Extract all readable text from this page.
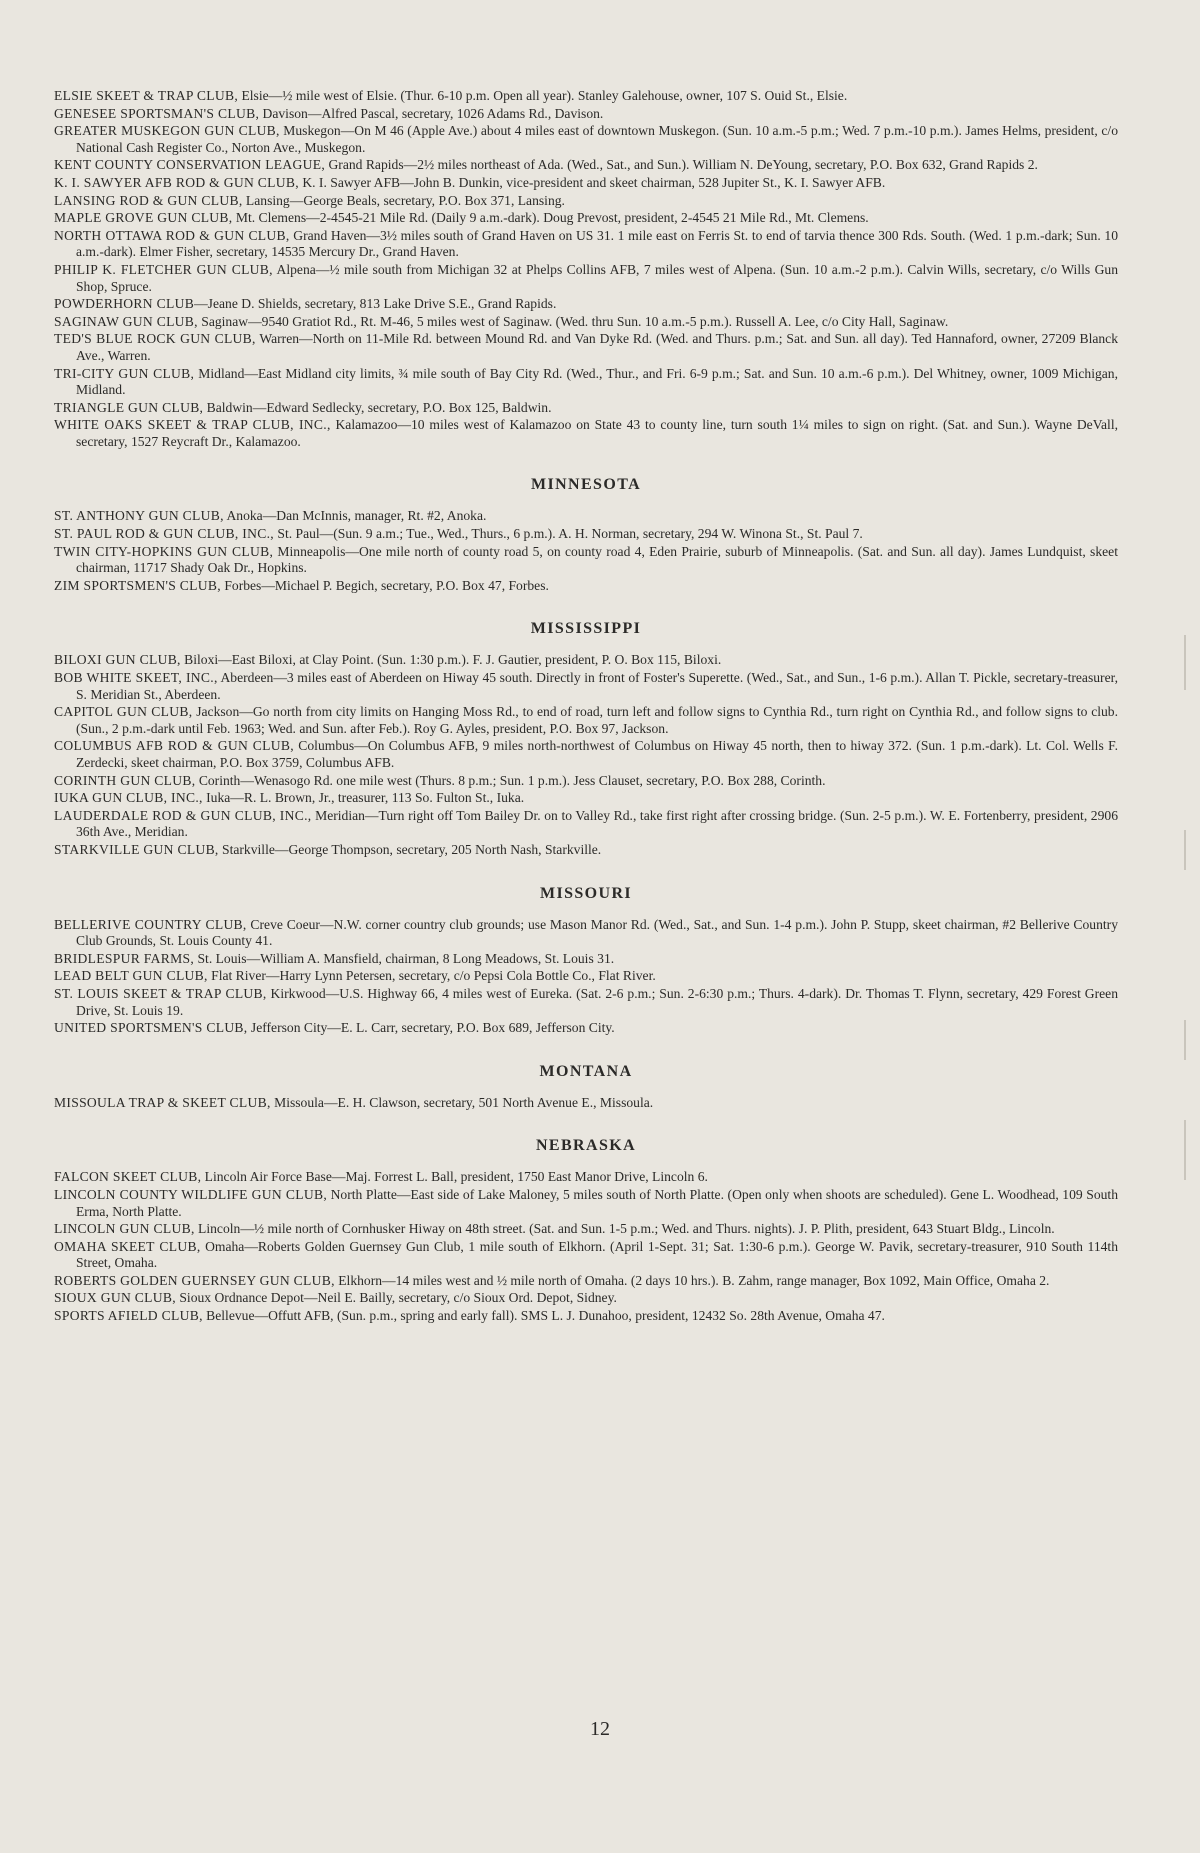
ELSIE SKEET & TRAP CLUB, Elsie—½ mile west of Elsie. (Thur. 6-10 p.m. Open all year). Stanley Galehouse, owner, 107 S. Ouid St., Elsie.

GENESEE SPORTSMAN'S CLUB, Davison—Alfred Pascal, secretary, 1026 Adams Rd., Davison.

GREATER MUSKEGON GUN CLUB, Muskegon—On M 46 (Apple Ave.) about 4 miles east of downtown Muskegon. (Sun. 10 a.m.-5 p.m.; Wed. 7 p.m.-10 p.m.). James Helms, president, c/o National Cash Register Co., Norton Ave., Muskegon.

KENT COUNTY CONSERVATION LEAGUE, Grand Rapids—2½ miles northeast of Ada. (Wed., Sat., and Sun.). William N. DeYoung, secretary, P.O. Box 632, Grand Rapids 2.

K. I. SAWYER AFB ROD & GUN CLUB, K. I. Sawyer AFB—John B. Dunkin, vice-president and skeet chairman, 528 Jupiter St., K. I. Sawyer AFB.

LANSING ROD & GUN CLUB, Lansing—George Beals, secretary, P.O. Box 371, Lansing.

MAPLE GROVE GUN CLUB, Mt. Clemens—2-4545-21 Mile Rd. (Daily 9 a.m.-dark). Doug Prevost, president, 2-4545 21 Mile Rd., Mt. Clemens.

NORTH OTTAWA ROD & GUN CLUB, Grand Haven—3½ miles south of Grand Haven on US 31. 1 mile east on Ferris St. to end of tarvia thence 300 Rds. South. (Wed. 1 p.m.-dark; Sun. 10 a.m.-dark). Elmer Fisher, secretary, 14535 Mercury Dr., Grand Haven.

PHILIP K. FLETCHER GUN CLUB, Alpena—½ mile south from Michigan 32 at Phelps Collins AFB, 7 miles west of Alpena. (Sun. 10 a.m.-2 p.m.). Calvin Wills, secretary, c/o Wills Gun Shop, Spruce.

POWDERHORN CLUB—Jeane D. Shields, secretary, 813 Lake Drive S.E., Grand Rapids.

SAGINAW GUN CLUB, Saginaw—9540 Gratiot Rd., Rt. M-46, 5 miles west of Saginaw. (Wed. thru Sun. 10 a.m.-5 p.m.). Russell A. Lee, c/o City Hall, Saginaw.

TED'S BLUE ROCK GUN CLUB, Warren—North on 11-Mile Rd. between Mound Rd. and Van Dyke Rd. (Wed. and Thurs. p.m.; Sat. and Sun. all day). Ted Hannaford, owner, 27209 Blanck Ave., Warren.

TRI-CITY GUN CLUB, Midland—East Midland city limits, ¾ mile south of Bay City Rd. (Wed., Thur., and Fri. 6-9 p.m.; Sat. and Sun. 10 a.m.-6 p.m.). Del Whitney, owner, 1009 Michigan, Midland.

TRIANGLE GUN CLUB, Baldwin—Edward Sedlecky, secretary, P.O. Box 125, Baldwin.

WHITE OAKS SKEET & TRAP CLUB, INC., Kalamazoo—10 miles west of Kalamazoo on State 43 to county line, turn south 1¼ miles to sign on right. (Sat. and Sun.). Wayne DeVall, secretary, 1527 Reycraft Dr., Kalamazoo.

MINNESOTA

ST. ANTHONY GUN CLUB, Anoka—Dan McInnis, manager, Rt. #2, Anoka.

ST. PAUL ROD & GUN CLUB, INC., St. Paul—(Sun. 9 a.m.; Tue., Wed., Thurs., 6 p.m.). A. H. Norman, secretary, 294 W. Winona St., St. Paul 7.

TWIN CITY-HOPKINS GUN CLUB, Minneapolis—One mile north of county road 5, on county road 4, Eden Prairie, suburb of Minneapolis. (Sat. and Sun. all day). James Lundquist, skeet chairman, 11717 Shady Oak Dr., Hopkins.

ZIM SPORTSMEN'S CLUB, Forbes—Michael P. Begich, secretary, P.O. Box 47, Forbes.

MISSISSIPPI

BILOXI GUN CLUB, Biloxi—East Biloxi, at Clay Point. (Sun. 1:30 p.m.). F. J. Gautier, president, P. O. Box 115, Biloxi.

BOB WHITE SKEET, INC., Aberdeen—3 miles east of Aberdeen on Hiway 45 south. Directly in front of Foster's Superette. (Wed., Sat., and Sun., 1-6 p.m.). Allan T. Pickle, secretary-treasurer, S. Meridian St., Aberdeen.

CAPITOL GUN CLUB, Jackson—Go north from city limits on Hanging Moss Rd., to end of road, turn left and follow signs to Cynthia Rd., turn right on Cynthia Rd., and follow signs to club. (Sun., 2 p.m.-dark until Feb. 1963; Wed. and Sun. after Feb.). Roy G. Ayles, president, P.O. Box 97, Jackson.

COLUMBUS AFB ROD & GUN CLUB, Columbus—On Columbus AFB, 9 miles north-northwest of Columbus on Hiway 45 north, then to hiway 372. (Sun. 1 p.m.-dark). Lt. Col. Wells F. Zerdecki, skeet chairman, P.O. Box 3759, Columbus AFB.

CORINTH GUN CLUB, Corinth—Wenasogo Rd. one mile west (Thurs. 8 p.m.; Sun. 1 p.m.). Jess Clauset, secretary, P.O. Box 288, Corinth.

IUKA GUN CLUB, INC., Iuka—R. L. Brown, Jr., treasurer, 113 So. Fulton St., Iuka.

LAUDERDALE ROD & GUN CLUB, INC., Meridian—Turn right off Tom Bailey Dr. on to Valley Rd., take first right after crossing bridge. (Sun. 2-5 p.m.). W. E. Fortenberry, president, 2906 36th Ave., Meridian.

STARKVILLE GUN CLUB, Starkville—George Thompson, secretary, 205 North Nash, Starkville.

MISSOURI

BELLERIVE COUNTRY CLUB, Creve Coeur—N.W. corner country club grounds; use Mason Manor Rd. (Wed., Sat., and Sun. 1-4 p.m.). John P. Stupp, skeet chairman, #2 Bellerive Country Club Grounds, St. Louis County 41.

BRIDLESPUR FARMS, St. Louis—William A. Mansfield, chairman, 8 Long Meadows, St. Louis 31.

LEAD BELT GUN CLUB, Flat River—Harry Lynn Petersen, secretary, c/o Pepsi Cola Bottle Co., Flat River.

ST. LOUIS SKEET & TRAP CLUB, Kirkwood—U.S. Highway 66, 4 miles west of Eureka. (Sat. 2-6 p.m.; Sun. 2-6:30 p.m.; Thurs. 4-dark). Dr. Thomas T. Flynn, secretary, 429 Forest Green Drive, St. Louis 19.

UNITED SPORTSMEN'S CLUB, Jefferson City—E. L. Carr, secretary, P.O. Box 689, Jefferson City.

MONTANA

MISSOULA TRAP & SKEET CLUB, Missoula—E. H. Clawson, secretary, 501 North Avenue E., Missoula.

NEBRASKA

FALCON SKEET CLUB, Lincoln Air Force Base—Maj. Forrest L. Ball, president, 1750 East Manor Drive, Lincoln 6.

LINCOLN COUNTY WILDLIFE GUN CLUB, North Platte—East side of Lake Maloney, 5 miles south of North Platte. (Open only when shoots are scheduled). Gene L. Woodhead, 109 South Erma, North Platte.

LINCOLN GUN CLUB, Lincoln—½ mile north of Cornhusker Hiway on 48th street. (Sat. and Sun. 1-5 p.m.; Wed. and Thurs. nights). J. P. Plith, president, 643 Stuart Bldg., Lincoln.

OMAHA SKEET CLUB, Omaha—Roberts Golden Guernsey Gun Club, 1 mile south of Elkhorn. (April 1-Sept. 31; Sat. 1:30-6 p.m.). George W. Pavik, secretary-treasurer, 910 South 114th Street, Omaha.

ROBERTS GOLDEN GUERNSEY GUN CLUB, Elkhorn—14 miles west and ½ mile north of Omaha. (2 days 10 hrs.). B. Zahm, range manager, Box 1092, Main Office, Omaha 2.

SIOUX GUN CLUB, Sioux Ordnance Depot—Neil E. Bailly, secretary, c/o Sioux Ord. Depot, Sidney.

SPORTS AFIELD CLUB, Bellevue—Offutt AFB, (Sun. p.m., spring and early fall). SMS L. J. Dunahoo, president, 12432 So. 28th Avenue, Omaha 47.

12
